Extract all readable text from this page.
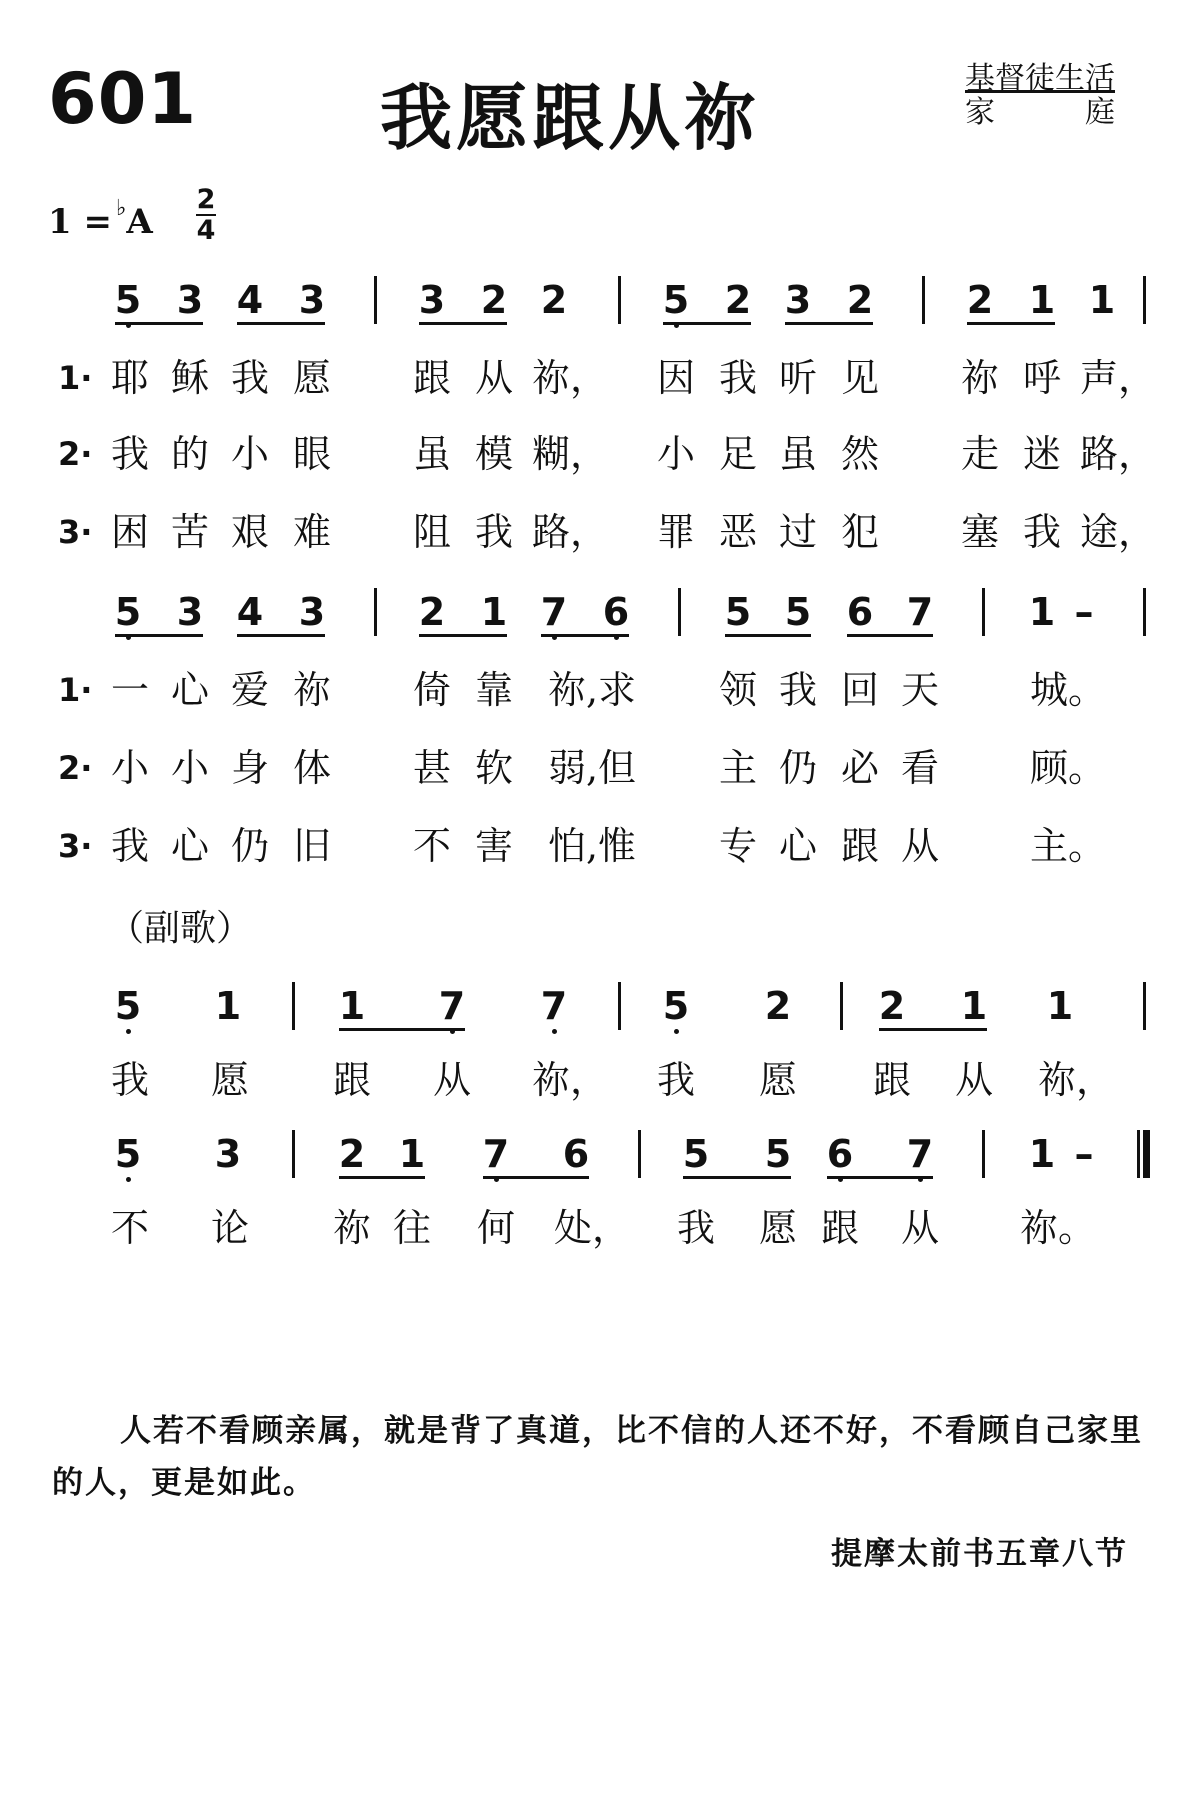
601	我愿跟从祢	基督徒生活
家	庭
1 = ♭A
2
4
5 3 4 3 3 2 2	5 2 3 2 2 1 1
1· 耶 稣 我 愿 跟 从 祢， 因 我 听 见 祢 呼 声，
2· 我 的 小 眼 虽 模 糊， 小 足 虽 然 走 迷 路，
3· 困 苦 艰 难 阻 我 路， 罪 恶 过 犯 塞 我 途，
5 3 4 3 2 1 7 6	5 5 6 7	1 –
1· 一 心 爱 祢 倚 靠 祢,求 领 我 回 天 城。
2· 小 小 身 体 甚 软 弱,但 主 仍 必 看 顾。
3· 我 心 仍 旧 不 害 怕,惟 专 心 跟 从 主。
5 1	1 7 7	5 2 2 1 1
我 愿 跟 从 祢， 我 愿 跟 从 祢，
5 3	2 1 7 6 5 5 6 7	1 –
不 论 祢 往 何 处， 我 愿 跟 从 祢。
（副歌）
人若不看顾亲属，就是背了真道，比不信的人还不好，不看顾自己家里的人，更是如此。
提摩太前书五章八节
